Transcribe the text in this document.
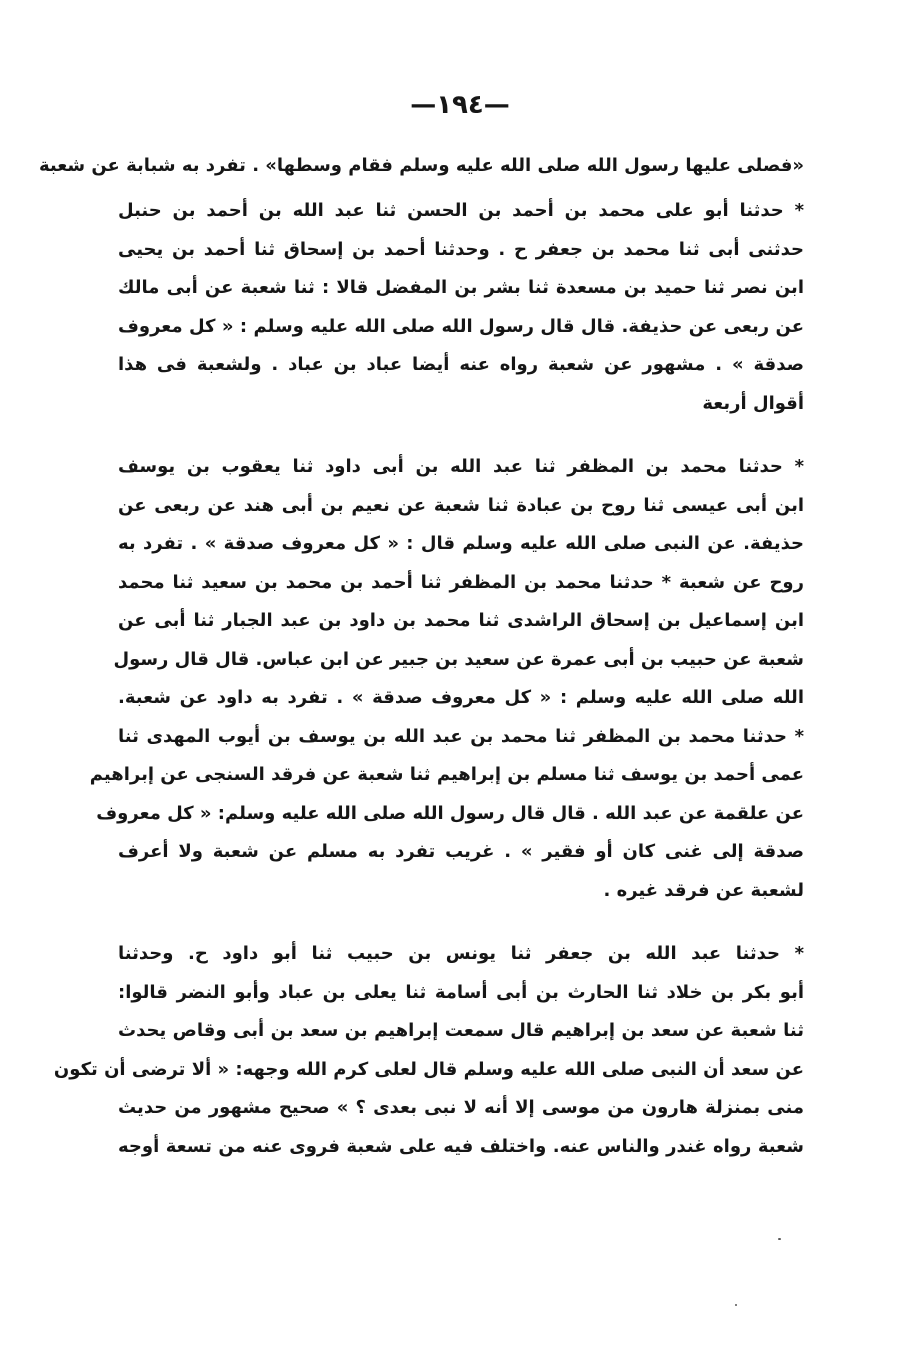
—١٩٤—
«فصلى عليها رسول الله صلى الله عليه وسلم فقام وسطها» . تفرد به شبابة عن شعبة
* حدثنا أبو على محمد بن أحمد بن الحسن ثنا عبد الله بن أحمد بن حنبل
حدثنى أبى ثنا محمد بن جعفر ح . وحدثنا أحمد بن إسحاق ثنا أحمد بن يحيى
ابن نصر ثنا حميد بن مسعدة ثنا بشر بن المفضل قالا : ثنا شعبة عن أبى مالك
عن ربعى عن حذيفة. قال قال رسول الله صلى الله عليه وسلم : « كل معروف
صدقة » . مشهور عن شعبة رواه عنه أيضا عباد بن عباد . ولشعبة فى هذا
أقوال أربعة
* حدثنا محمد بن المظفر ثنا عبد الله بن أبى داود ثنا يعقوب بن يوسف
ابن أبى عيسى ثنا روح بن عبادة ثنا شعبة عن نعيم بن أبى هند عن ربعى عن
حذيفة. عن النبى صلى الله عليه وسلم قال : « كل معروف صدقة » . تفرد به
روح عن شعبة * حدثنا محمد بن المظفر ثنا أحمد بن محمد بن سعيد ثنا محمد
ابن إسماعيل بن إسحاق الراشدى ثنا محمد بن داود بن عبد الجبار ثنا أبى عن
شعبة عن حبيب بن أبى عمرة عن سعيد بن جبير عن ابن عباس. قال قال رسول
الله صلى الله عليه وسلم : « كل معروف صدقة » . تفرد به داود عن شعبة.
* حدثنا محمد بن المظفر ثنا محمد بن عبد الله بن يوسف بن أيوب المهدى ثنا
عمى أحمد بن يوسف ثنا مسلم بن إبراهيم ثنا شعبة عن فرقد السنجى عن إبراهيم
عن علقمة عن عبد الله . قال قال رسول الله صلى الله عليه وسلم: « كل معروف
صدقة إلى غنى كان أو فقير » . غريب تفرد به مسلم عن شعبة ولا أعرف
لشعبة عن فرقد غيره .
* حدثنا عبد الله بن جعفر ثنا يونس بن حبيب ثنا أبو داود ح. وحدثنا
أبو بكر بن خلاد ثنا الحارث بن أبى أسامة ثنا يعلى بن عباد وأبو النضر قالوا:
ثنا شعبة عن سعد بن إبراهيم قال سمعت إبراهيم بن سعد بن أبى وقاص يحدث
عن سعد أن النبى صلى الله عليه وسلم قال لعلى كرم الله وجهه: « ألا ترضى أن تكون
منى بمنزلة هارون من موسى إلا أنه لا نبى بعدى ؟ » صحيح مشهور من حديث
شعبة رواه غندر والناس عنه. واختلف فيه على شعبة فروى عنه من تسعة أوجه
